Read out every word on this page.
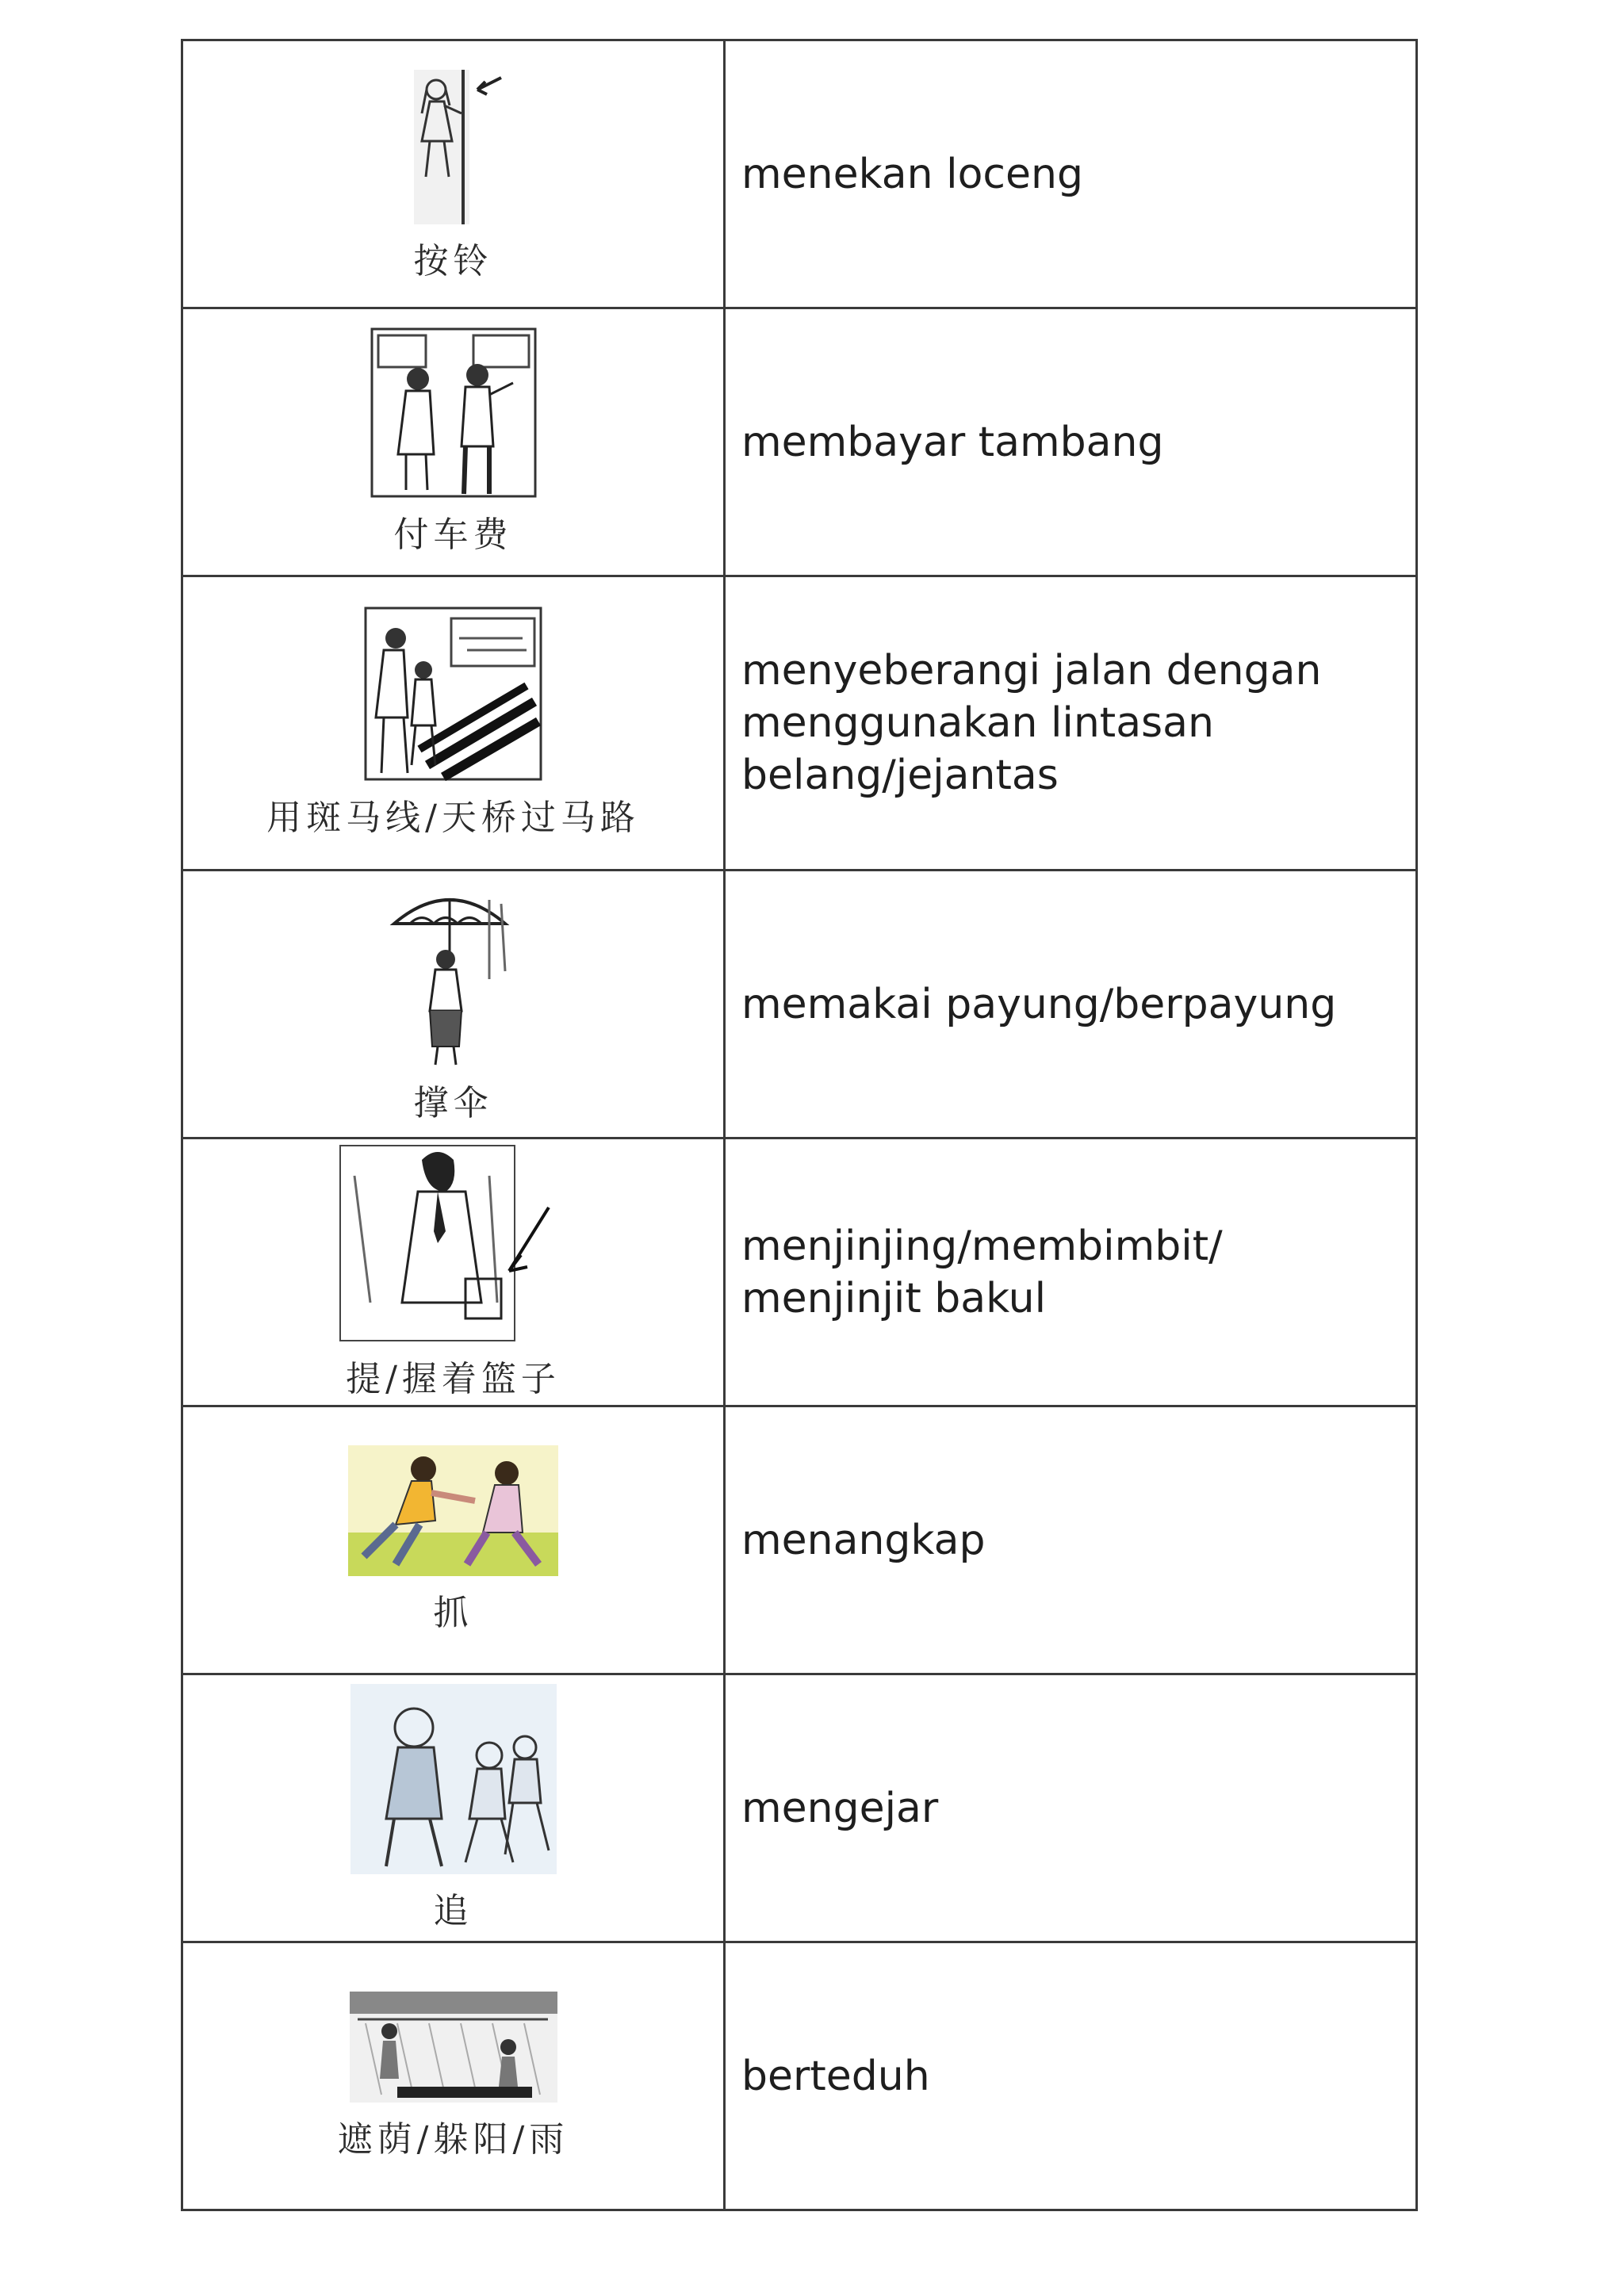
按铃	menekan loceng

付车费	membayar tambang

用斑马线/天桥过马路	menyeberangi jalan dengan
menggunakan lintasan
belang/jejantas

撑伞	memakai payung/berpayung

提/握着篮子	menjinjing/membimbit/
menjinjit bakul

抓	menangkap

追	mengejar

遮荫/躲阳/雨	berteduh
